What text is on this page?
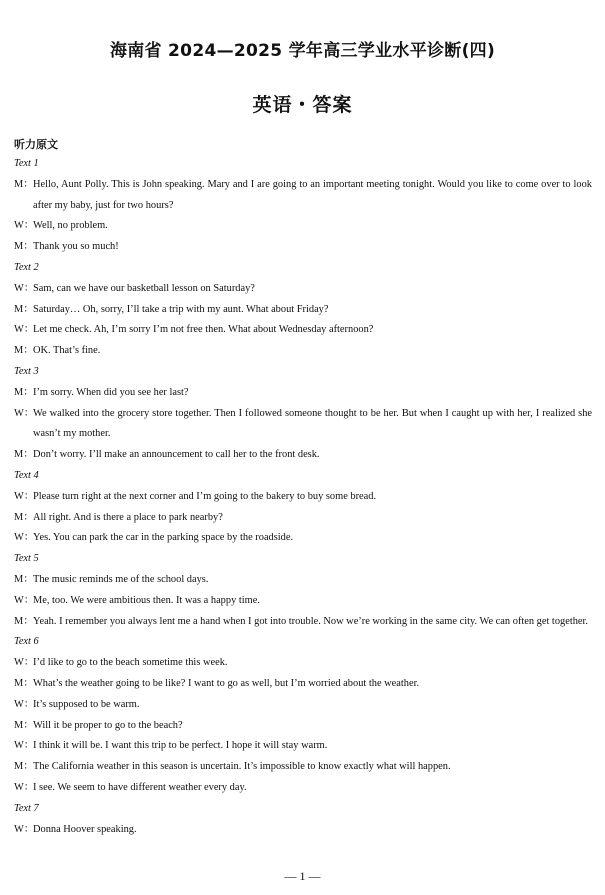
海南省 2024—2025 学年高三学业水平诊断(四)
英语・答案
听力原文
Text 1
M： Hello, Aunt Polly. This is John speaking. Mary and I are going to an important meeting tonight. Would you like to come over to look after my baby, just for two hours?
W：
Well, no problem.
M： Thank you so much!
Text 2
W：
Sam, can we have our basketball lesson on Saturday?
M： Saturday… Oh, sorry, I’ll take a trip with my aunt. What about Friday?
W：
Let me check. Ah, I’m sorry I’m not free then. What about Wednesday afternoon?
M： OK. That’s fine.
Text 3
M： I’m sorry. When did you see her last?
W：
We walked into the grocery store together. Then I followed someone thought to be her. But when I caught up with her, I realized she wasn’t my mother.
M： Don’t worry. I’ll make an announcement to call her to the front desk.
Text 4
W：
Please turn right at the next corner and I’m going to the bakery to buy some bread.
M： All right. And is there a place to park nearby?
W：
Yes. You can park the car in the parking space by the roadside.
Text 5
M： The music reminds me of the school days.
W：
Me, too. We were ambitious then. It was a happy time.
M： Yeah. I remember you always lent me a hand when I got into trouble. Now we’re working in the same city. We can often get together.
Text 6
W：
I’d like to go to the beach sometime this week.
M： What’s the weather going to be like? I want to go as well, but I’m worried about the weather.
W：
It’s supposed to be warm.
M： Will it be proper to go to the beach?
W：
I think it will be. I want this trip to be perfect. I hope it will stay warm.
M： The California weather in this season is uncertain. It’s impossible to know exactly what will happen.
W：
I see. We seem to have different weather every day.
Text 7
W：
Donna Hoover speaking.
— 1 —
